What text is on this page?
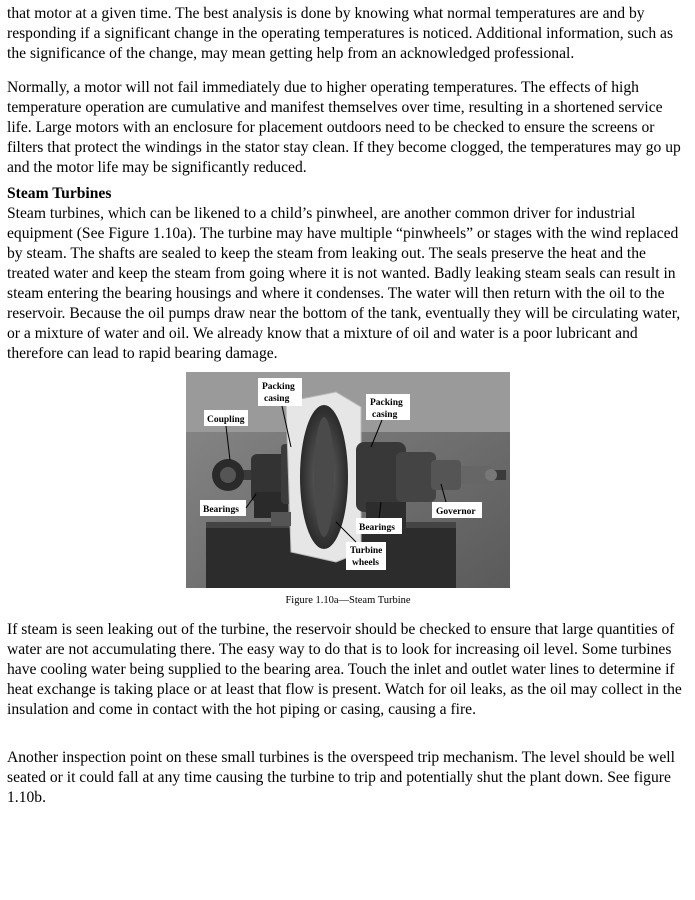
that motor at a given time. The best analysis is done by knowing what normal temperatures are and by responding if a significant change in the operating temperatures is noticed. Additional information, such as the significance of the change, may mean getting help from an acknowledged professional.

Normally, a motor will not fail immediately due to higher operating temperatures. The effects of high temperature operation are cumulative and manifest themselves over time, resulting in a shortened service life. Large motors with an enclosure for placement outdoors need to be checked to ensure the screens or filters that protect the windings in the stator stay clean. If they become clogged, the temperatures may go up and the motor life may be significantly reduced.

Steam Turbines

Steam turbines, which can be likened to a child’s pinwheel, are another common driver for industrial equipment (See Figure 1.10a). The turbine may have multiple “pinwheels” or stages with the wind replaced by steam. The shafts are sealed to keep the steam from leaking out. The seals preserve the heat and the treated water and keep the steam from going where it is not wanted. Badly leaking steam seals can result in steam entering the bearing housings and where it condenses. The water will then return with the oil to the reservoir. Because the oil pumps draw near the bottom of the tank, eventually they will be circulating water, or a mixture of water and oil. We already know that a mixture of oil and water is a poor lubricant and therefore can lead to rapid bearing damage.

If steam is seen leaking out of the turbine, the reservoir should be checked to ensure that large quantities of water are not accumulating there. The easy way to do that is to look for increasing oil level. Some turbines have cooling water being supplied to the bearing area. Touch the inlet and outlet water lines to determine if heat exchange is taking place or at least that flow is present. Watch for oil leaks, as the oil may collect in the insulation and come in contact with the hot piping or casing, causing a fire.

Another inspection point on these small turbines is the overspeed trip mechanism. The level should be well seated or it could fall at any time causing the turbine to trip and potentially shut the plant down. See figure 1.10b.

Packing
casing	Packing
casing
Coupling
Bearings
Bearings
Governor
Turbine
wheels
Figure 1.10a—Steam Turbine
